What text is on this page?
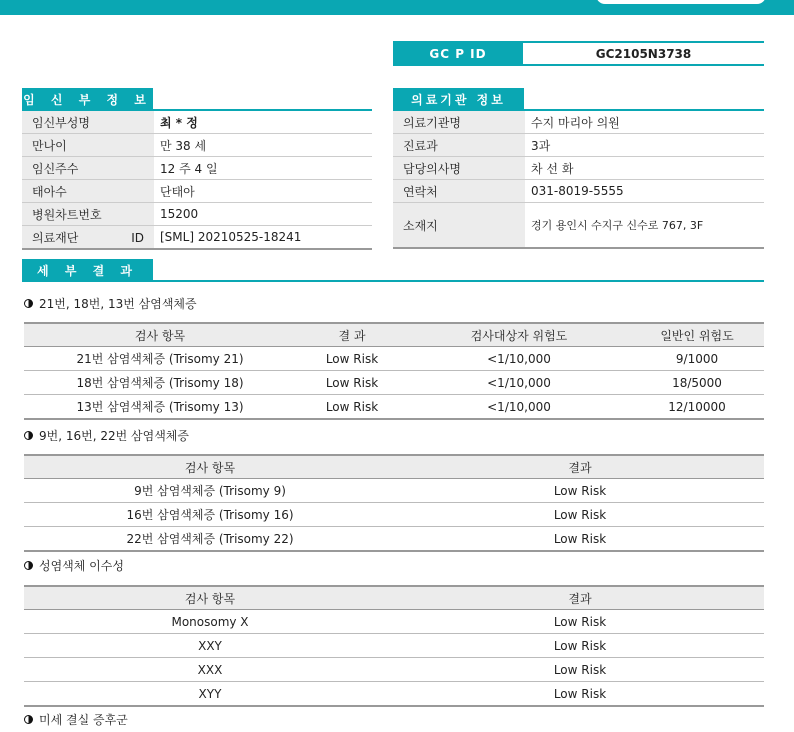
GC P ID	GC2105N3738
임 신 부 정 보
임신부성명	최 * 정
만나이	만 38 세
임신주수	12 주 4 일
태아수	단태아
병원차트번호	15200
의료재단 ID	[SML] 20210525-18241
의료기관 정보
의료기관명	수지 마리아 의원
진료과	3과
담당의사명	차 선 화
연락처	031-8019-5555
소재지	경기 용인시 수지구 신수로 767, 3F
세 부 결 과
21번, 18번, 13번 삼염색체증
검사 항목	결 과	검사대상자 위험도	일반인 위험도
21번 삼염색체증 (Trisomy 21)	Low Risk	<1/10,000	9/1000
18번 삼염색체증 (Trisomy 18)	Low Risk	<1/10,000	18/5000
13번 삼염색체증 (Trisomy 13)	Low Risk	<1/10,000	12/10000
9번, 16번, 22번 삼염색체증
검사 항목	결과
9번 삼염색체증 (Trisomy 9)	Low Risk
16번 삼염색체증 (Trisomy 16)	Low Risk
22번 삼염색체증 (Trisomy 22)	Low Risk
성염색체 이수성
검사 항목	결과
Monosomy X	Low Risk
XXY	Low Risk
XXX	Low Risk
XYY	Low Risk
미세 결실 증후군
